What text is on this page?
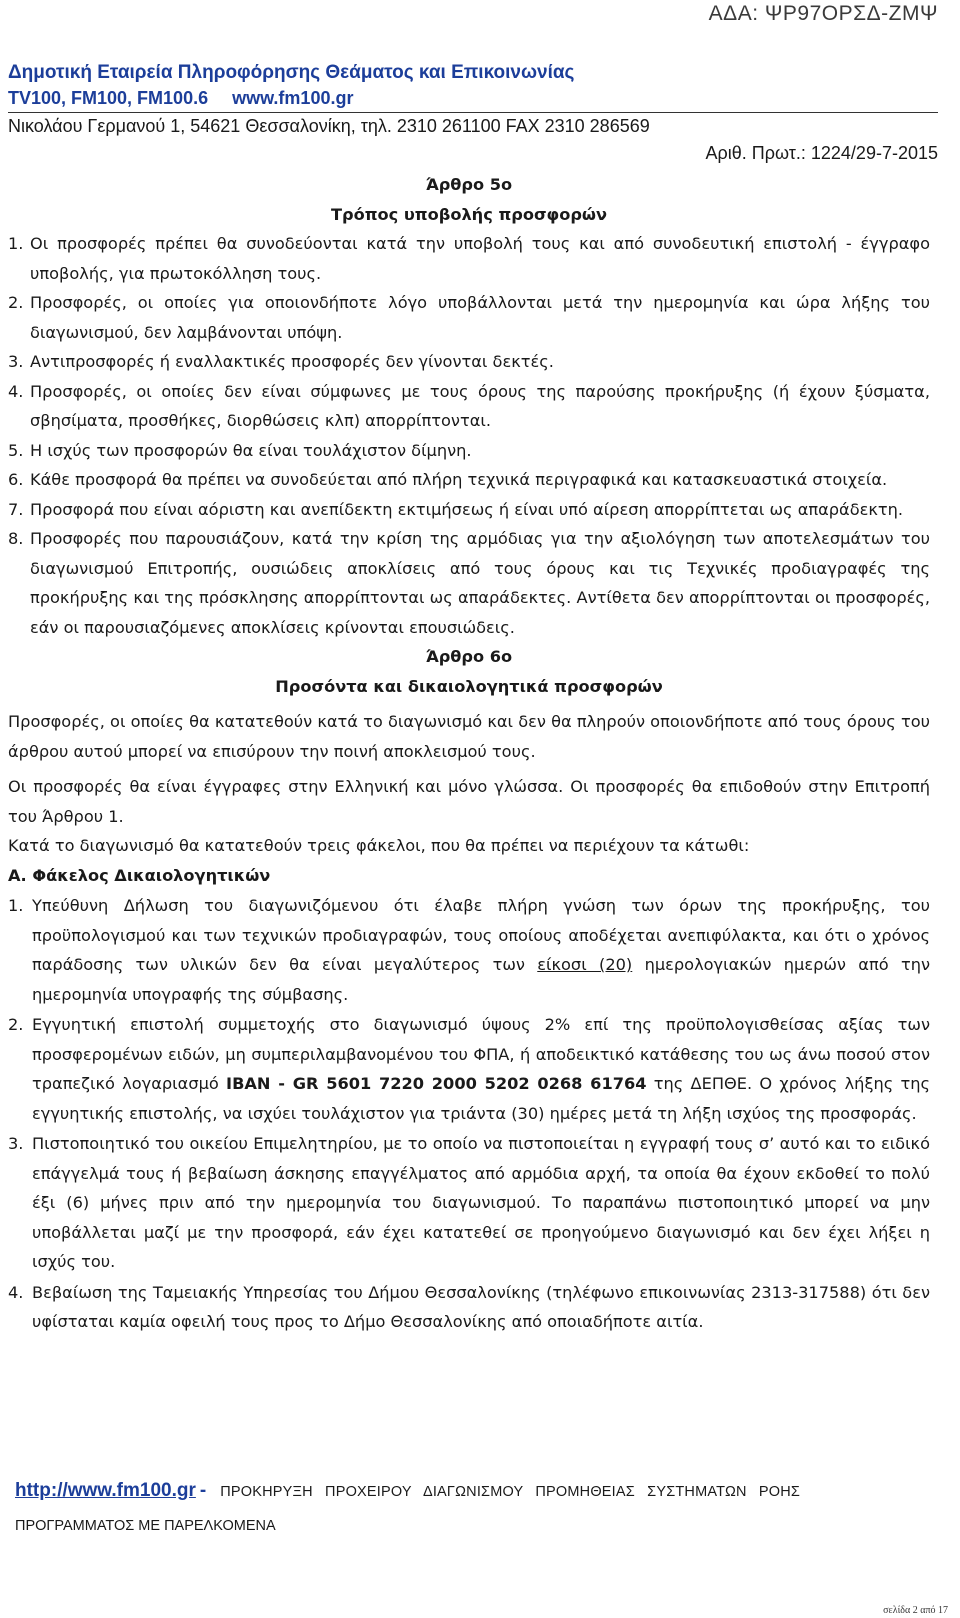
ΑΔΑ: ΨΡ97ΟΡΣΔ-ΖΜΨ
Δημοτική Εταιρεία Πληροφόρησης Θεάματος και Επικοινωνίας
TV100, FM100, FM100.6 www.fm100.gr
Νικολάου Γερμανού 1, 54621 Θεσσαλονίκη, τηλ. 2310 261100 FAX 2310 286569
Αριθ. Πρωτ.: 1224/29-7-2015
Άρθρο 5ο
Τρόπος υποβολής προσφορών
1. Οι προσφορές πρέπει θα συνοδεύονται κατά την υποβολή τους και από συνοδευτική επιστολή - έγγραφο υποβολής, για πρωτοκόλληση τους.
2. Προσφορές, οι οποίες για οποιονδήποτε λόγο υποβάλλονται μετά την ημερομηνία και ώρα λήξης του διαγωνισμού, δεν λαμβάνονται υπόψη.
3. Αντιπροσφορές ή εναλλακτικές προσφορές δεν γίνονται δεκτές.
4. Προσφορές, οι οποίες δεν είναι σύμφωνες με τους όρους της παρούσης προκήρυξης (ή έχουν ξύσματα, σβησίματα, προσθήκες, διορθώσεις κλπ) απορρίπτονται.
5. Η ισχύς των προσφορών θα είναι τουλάχιστον δίμηνη.
6. Κάθε προσφορά θα πρέπει να συνοδεύεται από πλήρη τεχνικά περιγραφικά και κατασκευαστικά στοιχεία.
7. Προσφορά που είναι αόριστη και ανεπίδεκτη εκτιμήσεως ή είναι υπό αίρεση απορρίπτεται ως απαράδεκτη.
8. Προσφορές που παρουσιάζουν, κατά την κρίση της αρμόδιας για την αξιολόγηση των αποτελεσμάτων του διαγωνισμού Επιτροπής, ουσιώδεις αποκλίσεις από τους όρους και τις Τεχνικές προδιαγραφές της προκήρυξης και της πρόσκλησης απορρίπτονται ως απαράδεκτες. Αντίθετα δεν απορρίπτονται οι προσφορές, εάν οι παρουσιαζόμενες αποκλίσεις κρίνονται επουσιώδεις.
Άρθρο 6ο
Προσόντα και δικαιολογητικά προσφορών
Προσφορές, οι οποίες θα κατατεθούν κατά το διαγωνισμό και δεν θα πληρούν οποιονδήποτε από τους όρους του άρθρου αυτού μπορεί να επισύρουν την ποινή αποκλεισμού τους.
Οι προσφορές θα είναι έγγραφες στην Ελληνική και μόνο γλώσσα. Οι προσφορές θα επιδοθούν στην Επιτροπή του Άρθρου 1.
Κατά το διαγωνισμό θα κατατεθούν τρεις φάκελοι, που θα πρέπει να περιέχουν τα κάτωθι:
Α. Φάκελος Δικαιολογητικών
1. Υπεύθυνη Δήλωση του διαγωνιζόμενου ότι έλαβε πλήρη γνώση των όρων της προκήρυξης, του προϋπολογισμού και των τεχνικών προδιαγραφών, τους οποίους αποδέχεται ανεπιφύλακτα, και ότι ο χρόνος παράδοσης των υλικών δεν θα είναι μεγαλύτερος των είκοσι (20) ημερολογιακών ημερών από την ημερομηνία υπογραφής της σύμβασης.
2. Εγγυητική επιστολή συμμετοχής στο διαγωνισμό ύψους 2% επί της προϋπολογισθείσας αξίας των προσφερομένων ειδών, μη συμπεριλαμβανομένου του ΦΠΑ, ή αποδεικτικό κατάθεσης του ως άνω ποσού στον τραπεζικό λογαριασμό IBAN - GR 5601 7220 2000 5202 0268 61764 της ΔΕΠΘΕ. Ο χρόνος λήξης της εγγυητικής επιστολής, να ισχύει τουλάχιστον για τριάντα (30) ημέρες μετά τη λήξη ισχύος της προσφοράς.
3. Πιστοποιητικό του οικείου Επιμελητηρίου, με το οποίο να πιστοποιείται η εγγραφή τους σ’ αυτό και το ειδικό επάγγελμά τους ή βεβαίωση άσκησης επαγγέλματος από αρμόδια αρχή, τα οποία θα έχουν εκδοθεί το πολύ έξι (6) μήνες πριν από την ημερομηνία του διαγωνισμού. Το παραπάνω πιστοποιητικό μπορεί να μην υποβάλλεται μαζί με την προσφορά, εάν έχει κατατεθεί σε προηγούμενο διαγωνισμό και δεν έχει λήξει η ισχύς του.
4. Βεβαίωση της Ταμειακής Υπηρεσίας του Δήμου Θεσσαλονίκης (τηλέφωνο επικοινωνίας 2313-317588) ότι δεν υφίσταται καμία οφειλή τους προς το Δήμο Θεσσαλονίκης από οποιαδήποτε αιτία.
http://www.fm100.gr - ΠΡΟΚΗΡΥΞΗ ΠΡΟΧΕΙΡΟΥ ΔΙΑΓΩΝΙΣΜΟΥ ΠΡΟΜΗΘΕΙΑΣ ΣΥΣΤΗΜΑΤΩΝ ΡΟΗΣ
ΠΡΟΓΡΑΜΜΑΤΟΣ ΜΕ ΠΑΡΕΛΚΟΜΕΝΑ
σελίδα 2 από 17
